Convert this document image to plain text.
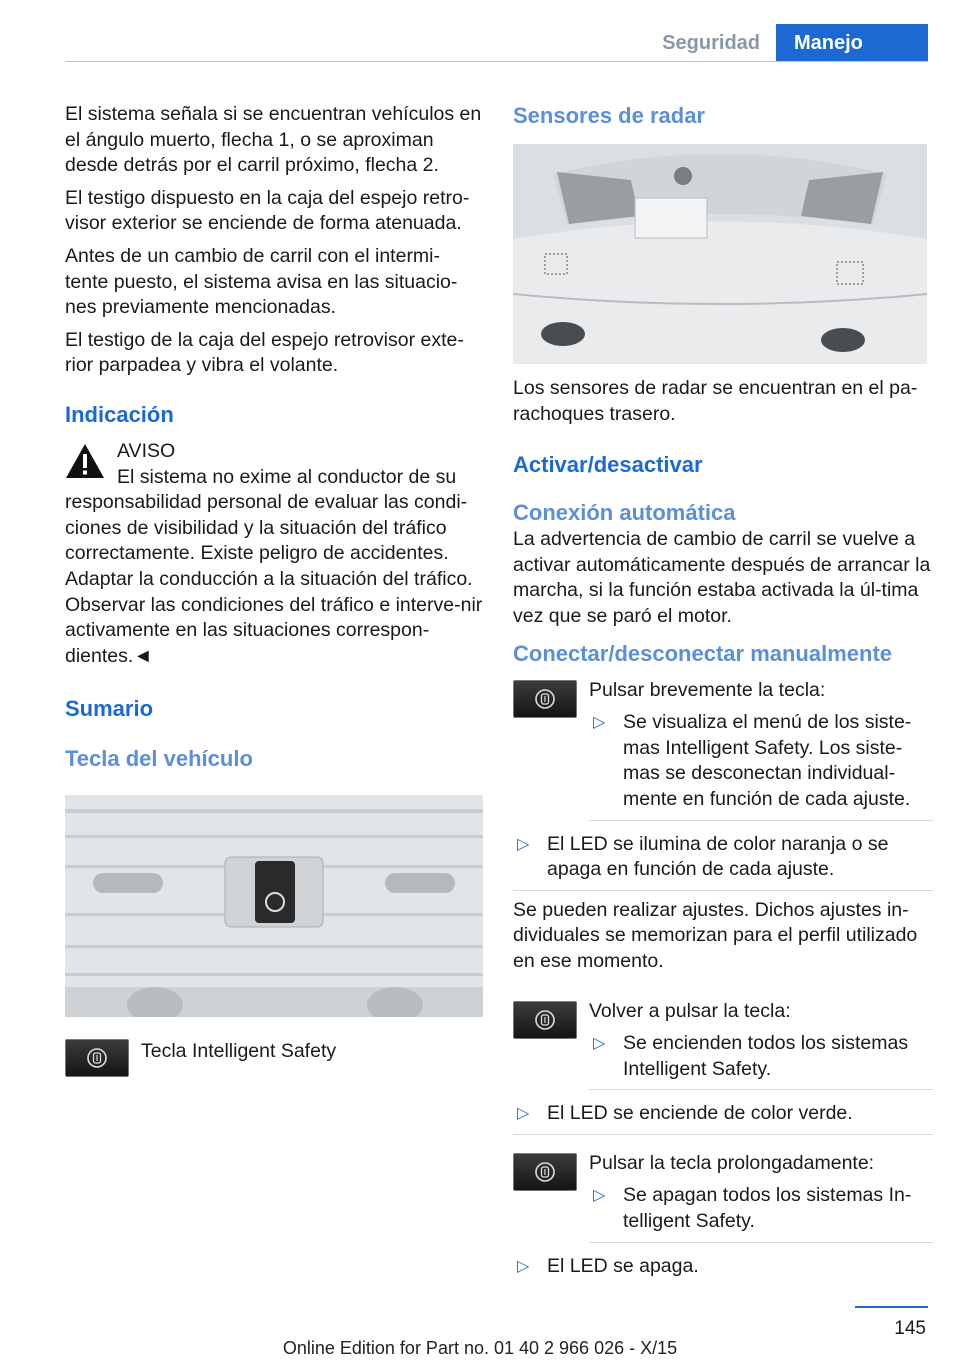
Seguridad	Manejo

El sistema señala si se encuentran vehículos en el ángulo muerto, flecha 1, o se aproximan desde detrás por el carril próximo, flecha 2.

El testigo dispuesto en la caja del espejo retro‐visor exterior se enciende de forma atenuada.

Antes de un cambio de carril con el intermi‐tente puesto, el sistema avisa en las situacio‐nes previamente mencionadas.

El testigo de la caja del espejo retrovisor exte‐rior parpadea y vibra el volante.

Indicación
AVISO
El sistema no exime al conductor de su
responsabilidad personal de evaluar las condi‐ciones de visibilidad y la situación del tráfico correctamente. Existe peligro de accidentes. Adaptar la conducción a la situación del tráfico. Observar las condiciones del tráfico e interve‐nir activamente en las situaciones correspon‐dientes.◄
Sumario
Tecla del vehículo
Tecla Intelligent Safety
Sensores de radar

Los sensores de radar se encuentran en el pa‐rachoques trasero.

Activar/desactivar
Conexión automática

La advertencia de cambio de carril se vuelve a activar automáticamente después de arrancar la marcha, si la función estaba activada la úl‐tima vez que se paró el motor.

Conectar/desconectar manualmente

Pulsar brevemente la tecla:

▷ Se visualiza el menú de los siste‐mas Intelligent Safety. Los siste‐mas se desconectan individual‐mente en función de cada ajuste.
▷ El LED se ilumina de color naranja o se apaga en función de cada ajuste.

Se pueden realizar ajustes. Dichos ajustes in‐dividuales se memorizan para el perfil utilizado en ese momento.

Volver a pulsar la tecla:

▷ Se encienden todos los sistemas Intelligent Safety.
▷ El LED se enciende de color verde.

Pulsar la tecla prolongadamente:

▷ Se apagan todos los sistemas In‐telligent Safety.
▷ El LED se apaga.
145
Online Edition for Part no. 01 40 2 966 026 - X/15
